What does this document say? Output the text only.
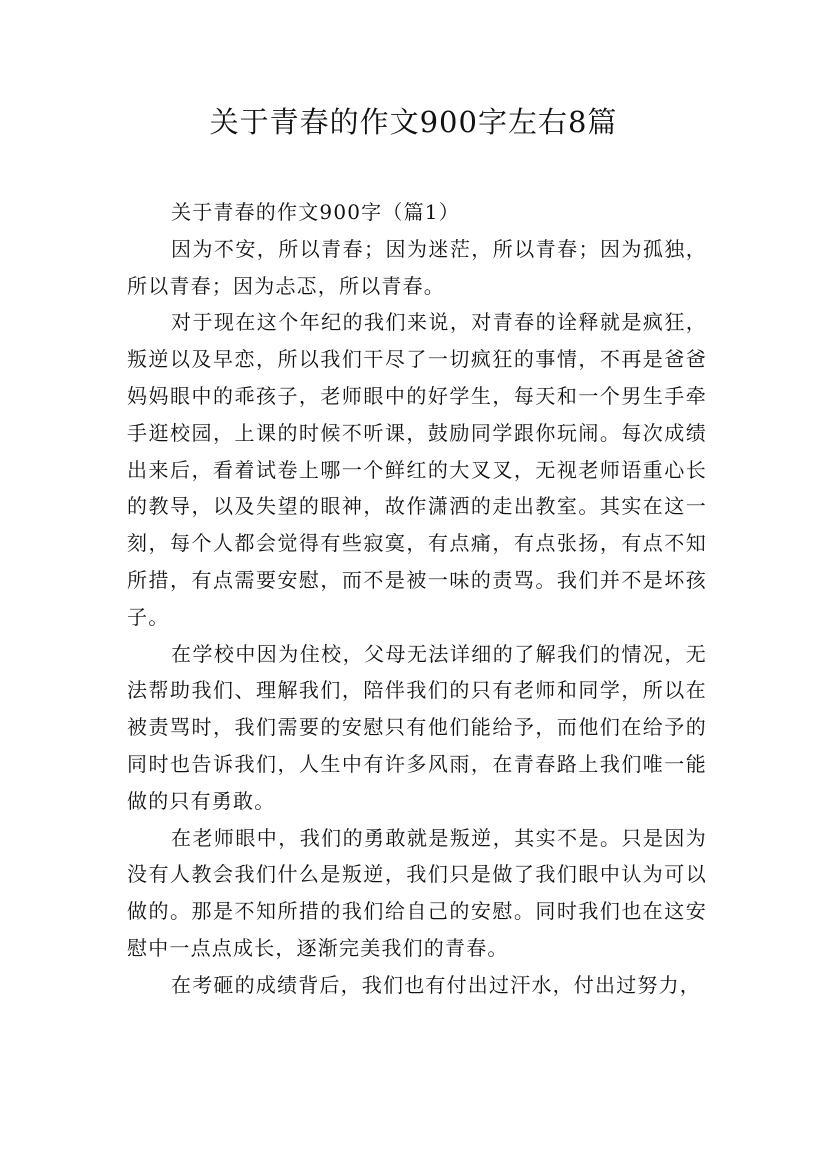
关于青春的作文900字左右8篇

关于青春的作文900字（篇1）

因为不安，所以青春；因为迷茫，所以青春；因为孤独，所以青春；因为忐忑，所以青春。

对于现在这个年纪的我们来说，对青春的诠释就是疯狂，叛逆以及早恋，所以我们干尽了一切疯狂的事情，不再是爸爸妈妈眼中的乖孩子，老师眼中的好学生，每天和一个男生手牵手逛校园，上课的时候不听课，鼓励同学跟你玩闹。每次成绩出来后，看着试卷上哪一个鲜红的大叉叉，无视老师语重心长的教导，以及失望的眼神，故作潇洒的走出教室。其实在这一刻，每个人都会觉得有些寂寞，有点痛，有点张扬，有点不知所措，有点需要安慰，而不是被一味的责骂。我们并不是坏孩子。

在学校中因为住校，父母无法详细的了解我们的情况，无法帮助我们、理解我们，陪伴我们的只有老师和同学，所以在被责骂时，我们需要的安慰只有他们能给予，而他们在给予的同时也告诉我们，人生中有许多风雨，在青春路上我们唯一能做的只有勇敢。

在老师眼中，我们的勇敢就是叛逆，其实不是。只是因为没有人教会我们什么是叛逆，我们只是做了我们眼中认为可以做的。那是不知所措的我们给自己的安慰。同时我们也在这安慰中一点点成长，逐渐完美我们的青春。

在考砸的成绩背后，我们也有付出过汗水，付出过努力，
